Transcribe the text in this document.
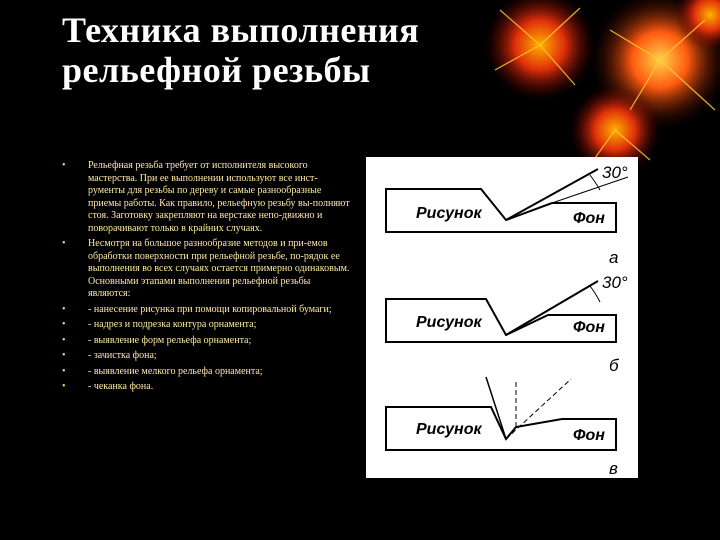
Техника выполнения рельефной резьбы
• Рельефная резьба требует от исполнителя высокого мастерства. При ее выполнении используют все инст-рументы для резьбы по дереву и самые разнообразные приемы работы. Как правило, рельефную резьбу вы-полняют стоя. Заготовку закрепляют на верстаке непо-движно и поворачивают только в крайних случаях.
• Несмотря на большое разнообразие методов и при-емов обработки поверхности при рельефной резьбе, по-рядок ее выполнения во всех случаях остается примерно одинаковым. Основными этапами выполнения рельефной резьбы являются:
• - нанесение рисунка при помощи копировальной бумаги;
• - надрез и подрезка контура орнамента;
• - выявление форм рельефа орнамента;
• - зачистка фона;
• - выявление мелкого рельефа орнамента;
• - чеканка фона.
Рисунок	Фон
Рисунок	Фон
Рисунок	Фон
30°
30°
а
б
в
